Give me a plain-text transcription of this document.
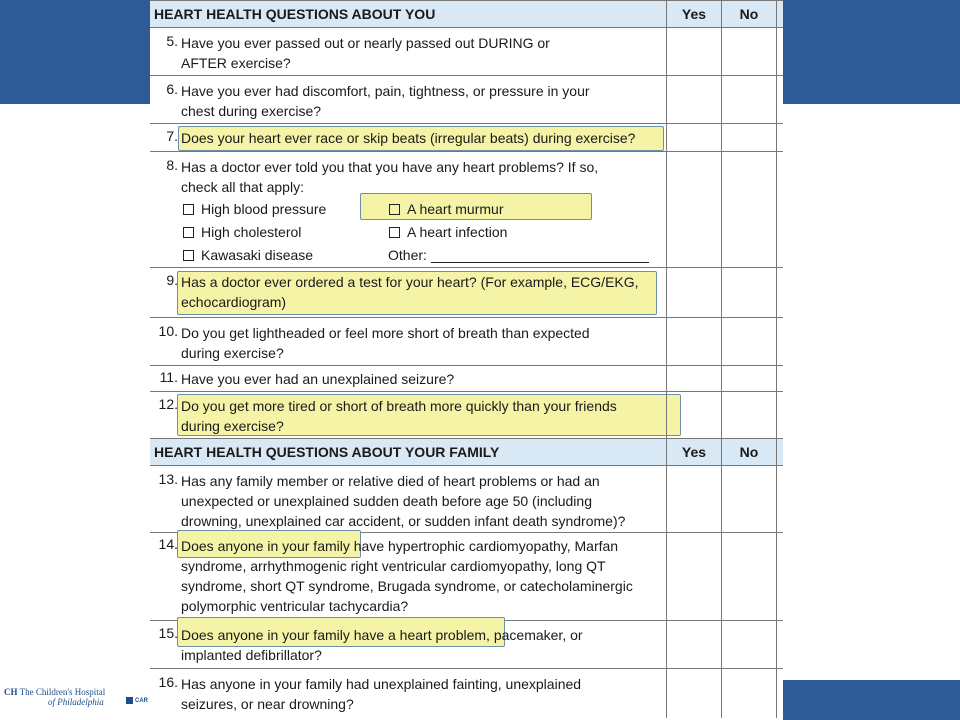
CH The Children's Hospital
of Philadelphia	CAR
HEART HEALTH QUESTIONS ABOUT YOU	Yes	No
5. Have you ever passed out or nearly passed out DURING or
AFTER exercise?
6. Have you ever had discomfort, pain, tightness, or pressure in your
chest during exercise?
7. Does your heart ever race or skip beats (irregular beats) during exercise?
8. Has a doctor ever told you that you have any heart problems? If so,
check all that apply:
High blood pressure	A heart murmur
High cholesterol	A heart infection
Kawasaki disease	Other:
9. Has a doctor ever ordered a test for your heart? (For example, ECG/EKG,
echocardiogram)
10. Do you get lightheaded or feel more short of breath than expected
during exercise?
11. Have you ever had an unexplained seizure?
12. Do you get more tired or short of breath more quickly than your friends
during exercise?
HEART HEALTH QUESTIONS ABOUT YOUR FAMILY	Yes	No
13. Has any family member or relative died of heart problems or had an
unexpected or unexplained sudden death before age 50 (including
drowning, unexplained car accident, or sudden infant death syndrome)?
14. Does anyone in your family have hypertrophic cardiomyopathy, Marfan
syndrome, arrhythmogenic right ventricular cardiomyopathy, long QT
syndrome, short QT syndrome, Brugada syndrome, or catecholaminergic
polymorphic ventricular tachycardia?
15. Does anyone in your family have a heart problem, pacemaker, or
implanted defibrillator?
16. Has anyone in your family had unexplained fainting, unexplained
seizures, or near drowning?
